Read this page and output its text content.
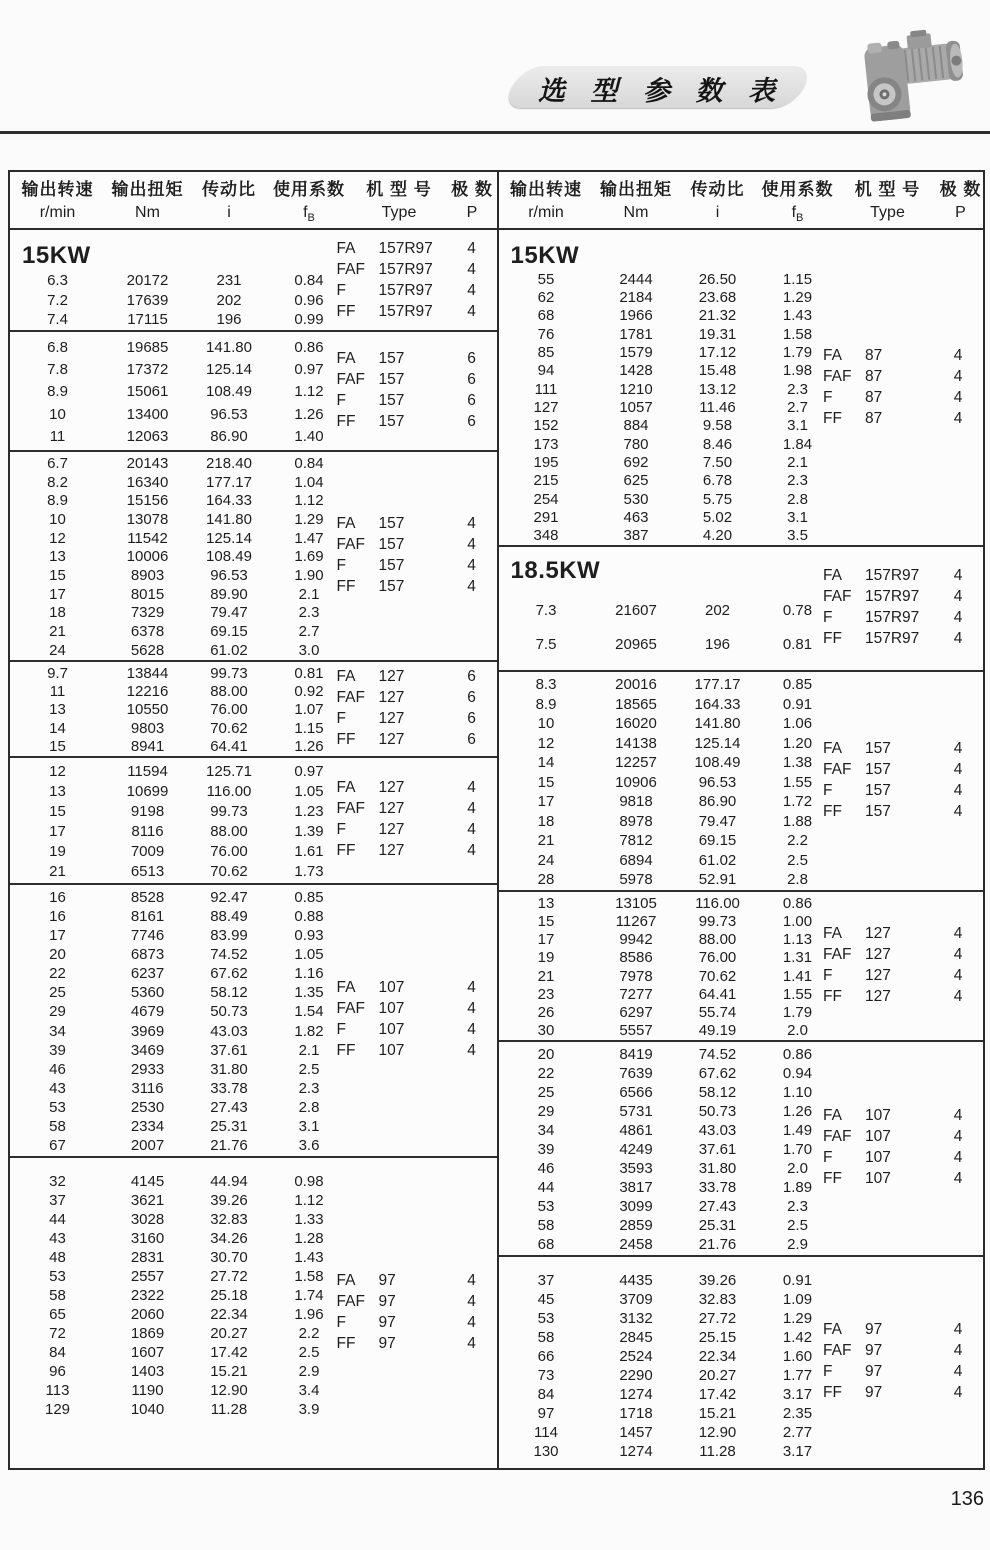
选 型 参 数 表
输出转速	输出扭矩	传动比	使用系数	机 型 号	极 数
r/min	Nm	i	$f_B$	Type	P
15KW
6.3	20172	231	0.84
7.2	17639	202	0.96
7.4	17115	196	0.99
FA	157R97	4
FAF 157R97	4
F	157R97	4
FF	157R97	4
6.8	19685	141.80	0.86
7.8	17372	125.14	0.97
8.9	15061	108.49	1.12
10	13400	96.53	1.26
11	12063	86.90	1.40
FA	157	6
FAF 157	6
F	157	6
FF	157	6
6.7	20143	218.40	0.84
8.2	16340	177.17	1.04
8.9	15156	164.33	1.12
10	13078	141.80	1.29
12	11542	125.14	1.47
13	10006	108.49	1.69
15	8903	96.53	1.90
17	8015	89.90	2.1
18	7329	79.47	2.3
21	6378	69.15	2.7
24	5628	61.02	3.0
FA	157	4
FAF 157	4
F	157	4
FF	157	4
9.7	13844	99.73	0.81
11	12216	88.00	0.92
13	10550	76.00	1.07
14	9803	70.62	1.15
15	8941	64.41	1.26
FA	127	6
FAF 127	6
F	127	6
FF	127	6
12	11594	125.71	0.97
13	10699	116.00	1.05
15	9198	99.73	1.23
17	8116	88.00	1.39
19	7009	76.00	1.61
21	6513	70.62	1.73
FA	127	4
FAF 127	4
F	127	4
FF	127	4
16	8528	92.47	0.85
16	8161	88.49	0.88
17	7746	83.99	0.93
20	6873	74.52	1.05
22	6237	67.62	1.16
25	5360	58.12	1.35
29	4679	50.73	1.54
34	3969	43.03	1.82
39	3469	37.61	2.1
46	2933	31.80	2.5
43	3116	33.78	2.3
53	2530	27.43	2.8
58	2334	25.31	3.1
67	2007	21.76	3.6
FA	107	4
FAF 107	4
F	107	4
FF	107	4
32	4145	44.94	0.98
37	3621	39.26	1.12
44	3028	32.83	1.33
43	3160	34.26	1.28
48	2831	30.70	1.43
53	2557	27.72	1.58
58	2322	25.18	1.74
65	2060	22.34	1.96
72	1869	20.27	2.2
84	1607	17.42	2.5
96	1403	15.21	2.9
113	1190	12.90	3.4
129	1040	11.28	3.9
FA	97	4
FAF 97	4
F	97	4
FF	97	4
输出转速	输出扭矩	传动比	使用系数	机 型 号	极 数
r/min	Nm	i	$f_B$	Type	P
15KW
55	2444	26.50	1.15
62	2184	23.68	1.29
68	1966	21.32	1.43
76	1781	19.31	1.58
85	1579	17.12	1.79
94	1428	15.48	1.98
111	1210	13.12	2.3
127	1057	11.46	2.7
152	884	9.58	3.1
173	780	8.46	1.84
195	692	7.50	2.1
215	625	6.78	2.3
254	530	5.75	2.8
291	463	5.02	3.1
348	387	4.20	3.5
FA	87	4
FAF 87	4
F	87	4
FF	87	4
18.5KW
7.3	21607	202	0.78
7.5	20965	196	0.81
FA	157R97	4
FAF 157R97	4
F	157R97	4
FF	157R97	4
8.3	20016	177.17	0.85
8.9	18565	164.33	0.91
10	16020	141.80	1.06
12	14138	125.14	1.20
14	12257	108.49	1.38
15	10906	96.53	1.55
17	9818	86.90	1.72
18	8978	79.47	1.88
21	7812	69.15	2.2
24	6894	61.02	2.5
28	5978	52.91	2.8
FA	157	4
FAF 157	4
F	157	4
FF	157	4
13	13105	116.00	0.86
15	11267	99.73	1.00
17	9942	88.00	1.13
19	8586	76.00	1.31
21	7978	70.62	1.41
23	7277	64.41	1.55
26	6297	55.74	1.79
30	5557	49.19	2.0
FA	127	4
FAF 127	4
F	127	4
FF	127	4
20	8419	74.52	0.86
22	7639	67.62	0.94
25	6566	58.12	1.10
29	5731	50.73	1.26
34	4861	43.03	1.49
39	4249	37.61	1.70
46	3593	31.80	2.0
44	3817	33.78	1.89
53	3099	27.43	2.3
58	2859	25.31	2.5
68	2458	21.76	2.9
FA	107	4
FAF 107	4
F	107	4
FF	107	4
37	4435	39.26	0.91
45	3709	32.83	1.09
53	3132	27.72	1.29
58	2845	25.15	1.42
66	2524	22.34	1.60
73	2290	20.27	1.77
84	1274	17.42	3.17
97	1718	15.21	2.35
114	1457	12.90	2.77
130	1274	11.28	3.17
FA	97	4
FAF 97	4
F	97	4
FF	97	4
136
